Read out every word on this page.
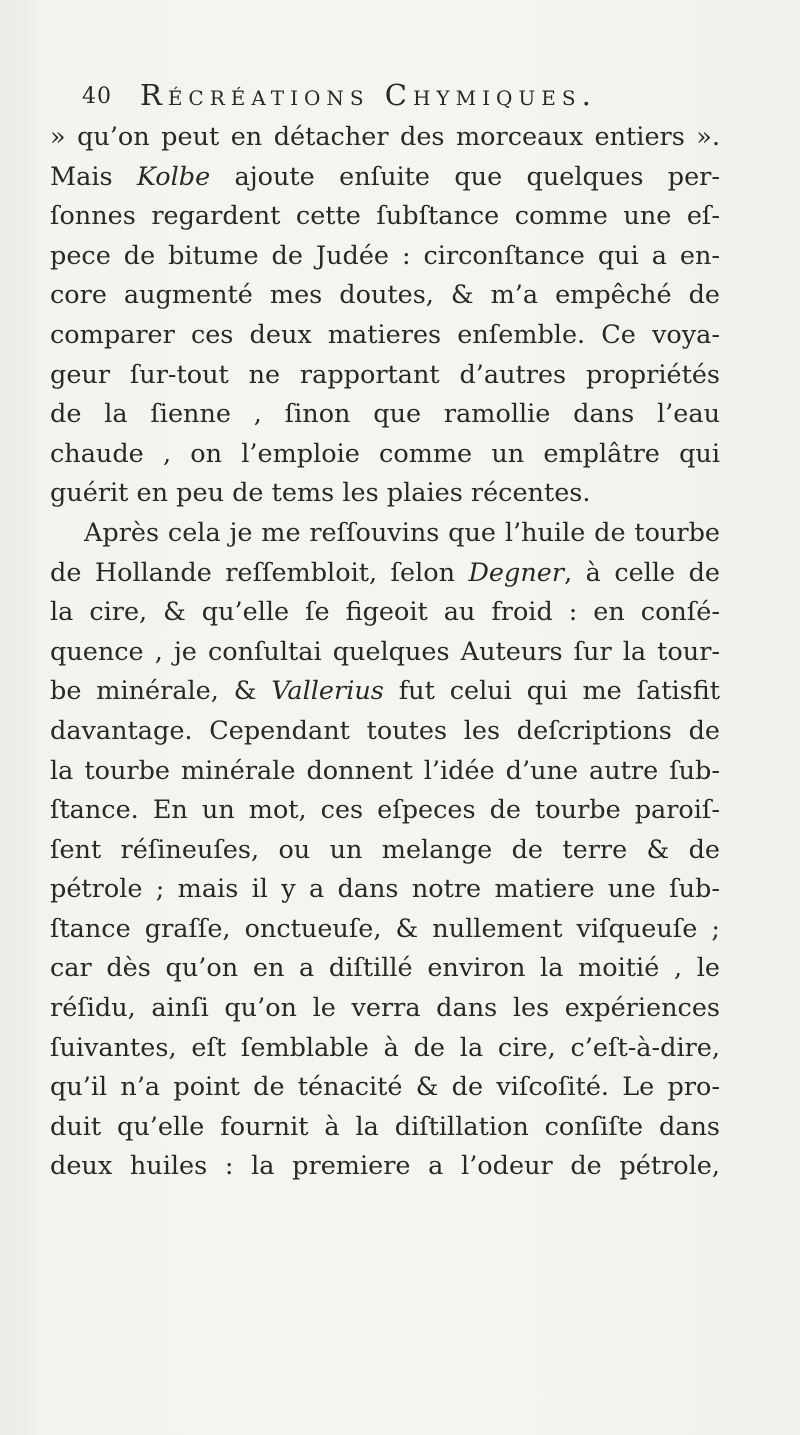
40 Récréations Chymiques.
» qu’on peut en détacher des morceaux entiers ».
Mais Kolbe ajoute enſuite que quelques per-
ſonnes regardent cette ſubſtance comme une eſ-
pece de bitume de Judée : circonſtance qui a en-
core augmenté mes doutes, & m’a empêché de
comparer ces deux matieres enſemble. Ce voya-
geur ſur-tout ne rapportant d’autres propriétés
de la ſienne , ſinon que ramollie dans l’eau
chaude , on l’emploie comme un emplâtre qui
guérit en peu de tems les plaies récentes.
Après cela je me reſſouvins que l’huile de tourbe
de Hollande reſſembloit, ſelon Degner, à celle de
la cire, & qu’elle ſe figeoit au froid : en conſé-
quence , je conſultai quelques Auteurs ſur la tour-
be minérale, & Vallerius fut celui qui me ſatisfit
davantage. Cependant toutes les deſcriptions de
la tourbe minérale donnent l’idée d’une autre ſub-
ſtance. En un mot, ces eſpeces de tourbe paroiſ-
ſent réſineuſes, ou un melange de terre & de
pétrole ; mais il y a dans notre matiere une ſub-
ſtance graſſe, onctueuſe, & nullement viſqueuſe ;
car dès qu’on en a diſtillé environ la moitié , le
réſidu, ainſi qu’on le verra dans les expériences
ſuivantes, eſt ſemblable à de la cire, c’eſt-à-dire,
qu’il n’a point de ténacité & de viſcoſité. Le pro-
duit qu’elle fournit à la diſtillation conſiſte dans
deux huiles : la premiere a l’odeur de pétrole,
